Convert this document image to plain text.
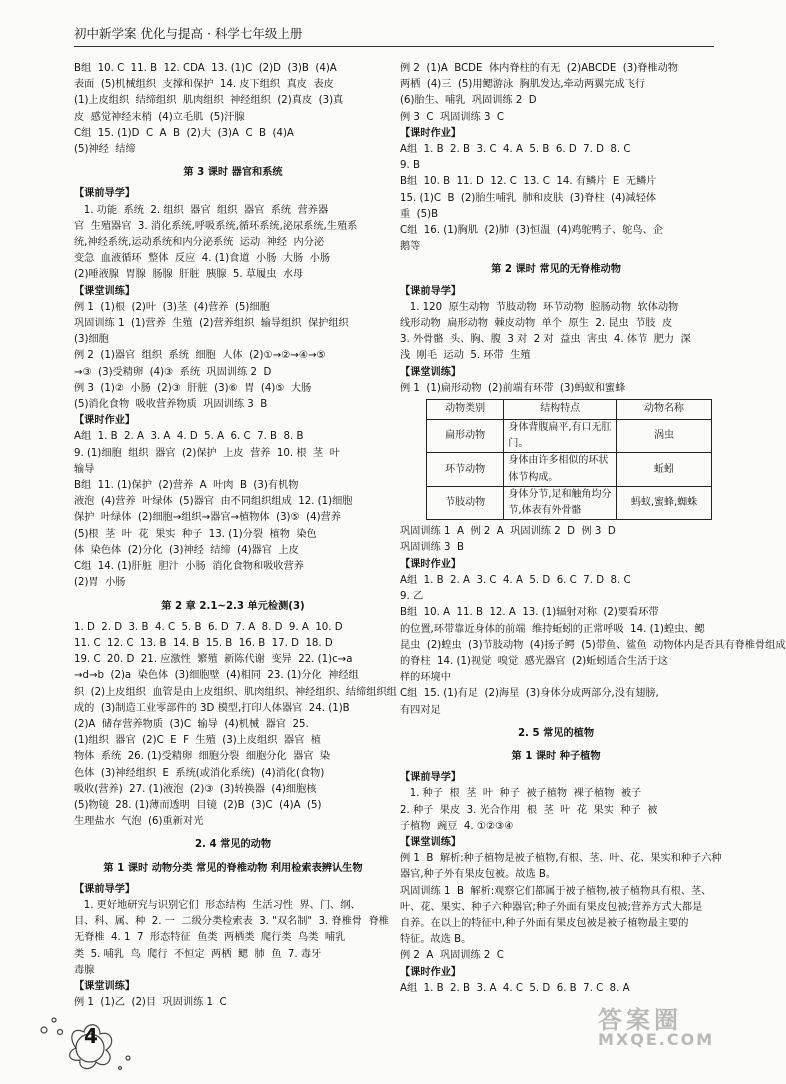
初中新学案 优化与提高 · 科学七年级上册
B组  10. C  11. B  12. CDA  13. (1)C  (2)D  (3)B  (4)A
表面  (5)机械组织  支撑和保护  14. 皮下组织  真皮  表皮
(1)上皮组织  结缔组织  肌肉组织  神经组织  (2)真皮  (3)真
皮  感觉神经末梢  (4)立毛肌  (5)汗腺
C组  15. (1)D  C  A  B  (2)大  (3)A  C  B  (4)A
(5)神经  结缔
第 3 课时 器官和系统
【课前导学】
1. 功能  系统  2. 组织  器官  组织  器官  系统  营养器
官  生殖器官  3. 消化系统,呼吸系统,循环系统,泌尿系统,生殖系
统,神经系统,运动系统和内分泌系统  运动  神经  内分泌
变急  血液循环  整体  反应  4. (1)食道  小肠  大肠  小肠
(2)唾液腺  胃腺  肠腺  肝脏  胰腺  5. 草履虫  水母
【课堂训练】
例 1  (1)根  (2)叶  (3)茎  (4)营养  (5)细胞
巩固训练 1  (1)营养  生殖  (2)营养组织  输导组织  保护组织
(3)细胞
例 2  (1)器官  组织  系统  细胞  人体  (2)①→②→④→⑤
→③  (3)受精卵  (4)③  系统  巩固训练 2  D
例 3  (1)②  小肠  (2)③  肝脏  (3)⑥  胃  (4)⑤  大肠
(5)消化食物  吸收营养物质  巩固训练 3  B
【课时作业】
A组  1. B  2. A  3. A  4. D  5. A  6. C  7. B  8. B
9. (1)细胞  组织  器官  (2)保护  上皮  营养  10. 根  茎  叶
输导
B组  11. (1)保护  (2)营养  A  叶肉  B  (3)有机物
液泡  (4)营养  叶绿体  (5)器官  由不同组织组成  12. (1)细胞
保护  叶绿体  (2)细胞→组织→器官→植物体  (3)⑤  (4)营养
(5)根  茎  叶  花  果实  种子  13. (1)分裂  植物  染色
体  染色体  (2)分化  (3)神经  结缔  (4)器官  上皮
C组  14. (1)肝脏  胆汁  小肠  消化食物和吸收营养
(2)胃  小肠
第 2 章 2.1~2.3 单元检测(3)
1. D  2. D  3. B  4. C  5. B  6. D  7. A  8. D  9. A  10. D
11. C  12. C  13. B  14. B  15. B  16. B  17. D  18. D
19. C  20. D  21. 应激性  繁殖  新陈代谢  变异  22. (1)c→a
→d→b  (2)a  染色体  (3)细胞壁  (4)相同  23. (1)分化  神经组
织  (2)上皮组织  血管是由上皮组织、肌肉组织、神经组织、结缔组织组
成的  (3)制造工业零部件的 3D 模型,打印人体器官  24. (1)B
(2)A  储存营养物质  (3)C  输导  (4)机械  器官  25.
(1)组织  器官  (2)C  E  F  生殖  (3)上皮组织  器官  植
物体  系统  26. (1)受精卵  细胞分裂  细胞分化  器官  染
色体  (3)神经组织  E  系统(或消化系统)  (4)消化(食物)
吸收(营养)  27. (1)液泡  (2)③  (3)转换器  (4)细胞核
(5)物镜  28. (1)薄而透明  目镜  (2)B  (3)C  (4)A  (5)
生理盐水  气泡  (6)重新对光
2. 4 常见的动物
第 1 课时 动物分类 常见的脊椎动物 利用检索表辨认生物
【课前导学】
1. 更好地研究与识别它们  形态结构  生活习性  界、门、纲、
目、科、属、种  2. 一  二级分类检索表  3. "双名制"  3. 脊椎骨  脊椎
无脊椎  4. 1  7  形态特征  鱼类  两栖类  爬行类  鸟类  哺乳
类  5. 哺乳  鸟  爬行  不恒定  两栖  鳃  肺  鱼  7. 毒牙
毒腺
【课堂训练】
例 1  (1)乙  (2)目  巩固训练 1  C
例 2  (1)A  BCDE  体内脊柱的有无  (2)ABCDE  (3)脊椎动物
两栖  (4)三  (5)用鳃游泳  胸肌发达,牵动两翼完成飞行
(6)胎生、哺乳  巩固训练 2  D
例 3  C  巩固训练 3  C
【课时作业】
A组  1. B  2. B  3. C  4. A  5. B  6. D  7. D  8. C
9. B
B组  10. B  11. D  12. C  13. C  14. 有鳞片  E  无鳞片
15. (1)C  B  (2)胎生哺乳  肺和皮肤  (3)脊柱  (4)减轻体
重  (5)B
C组  16. (1)胸肌  (2)肺  (3)恒温  (4)鸡鸵鸭子、鸵鸟、企
鹅等
第 2 课时 常见的无脊椎动物
【课前导学】
1. 120  原生动物  节肢动物  环节动物  腔肠动物  软体动物
线形动物  扁形动物  棘皮动物  单个  原生  2. 昆虫  节肢  皮
3. 外骨骼  头、胸、腹  3 对  2 对  益虫  害虫  4. 体节  肥力  深
浅  刚毛  运动  5. 环带  生殖
【课堂训练】
例 1  (1)扁形动物  (2)前端有环带  (3)蚂蚁和蜜蜂
动物类别	结构特点	动物名称
扁形动物	身体背腹扁平,有口无肛门。	涡虫
环节动物	身体由许多相似的环状体节构成。	蚯蚓
节肢动物	身体分节,足和触角均分节,体表有外骨骼	蚂蚁,蜜蜂,蜘蛛
巩固训练 1  A  例 2  A  巩固训练 2  D  例 3  D
巩固训练 3  B
【课时作业】
A组  1. B  2. A  3. C  4. A  5. D  6. C  7. D  8. C
9. 乙
B组  10. A  11. B  12. A  13. (1)辐射对称  (2)要看环带
的位置,环带靠近身体的前端  维持蚯蚓的正常呼吸  14. (1)蝗虫、鳃
昆虫  (2)蝗虫  (3)节肢动物  (4)扬子鳄  (5)带鱼、鲨鱼  动物体内是否具有脊椎骨组成
的脊柱  14. (1)视觉  嗅觉  感光器官  (2)蚯蚓适合生活于这
样的环境中
C组  15. (1)有足  (2)海星  (3)身体分成两部分,没有翅膀,
有四对足
2. 5 常见的植物
第 1 课时 种子植物
【课前导学】
1. 种子  根  茎  叶  种子  被子植物  裸子植物  被子
2. 种子  果皮  3. 光合作用  根  茎  叶  花  果实  种子  被
子植物  豌豆  4. ①②③④
【课堂训练】
例 1  B  解析:种子植物是被子植物,有根、茎、叶、花、果实和种子六种
器官,种子外有果皮包被。故选 B。
巩固训练 1  B  解析:观察它们都属于被子植物,被子植物具有根、茎、
叶、花、果实、种子六种器官;种子外面有果皮包被;营养方式大都是
自养。在以上的特征中,种子外面有果皮包被是被子植物最主要的
特征。故选 B。
例 2  A  巩固训练 2  C
【课时作业】
A组  1. B  2. B  3. A  4. C  5. D  6. B  7. C  8. A
4
答案圈
MXQE.COM
